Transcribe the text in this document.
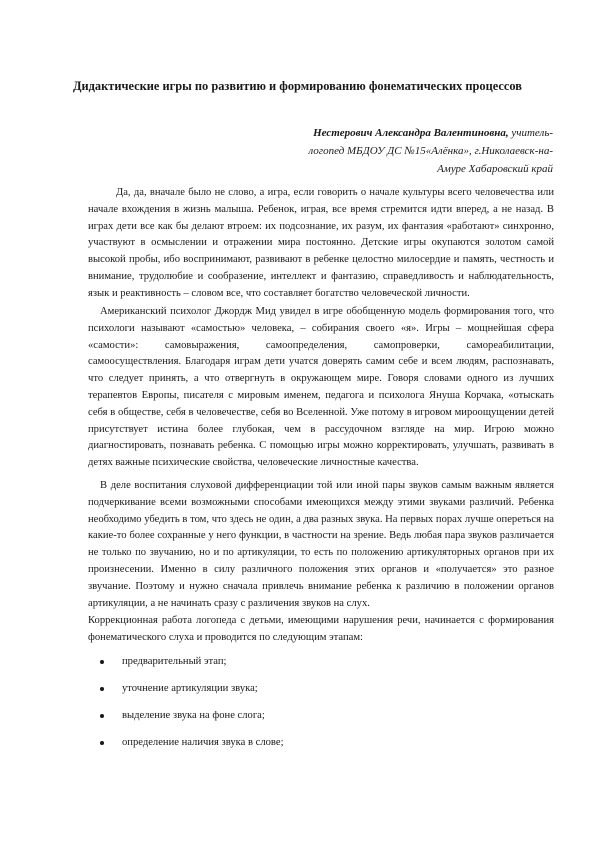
Дидактические игры по развитию и формированию фонематических процессов
Нестерович Александра Валентиновна, учитель-
логопед МБДОУ ДС №15«Алёнка», г.Николаевск-на-
Амуре Хабаровский край

Да, да, вначале было не слово, а игра, если говорить о начале культуры всего человечества или начале вхождения в жизнь малыша. Ребенок, играя, все время стремится идти вперед, а не назад. В играх дети все как бы делают втроем: их подсознание, их разум, их фантазия «работают» синхронно, участвуют в осмыслении и отражении мира постоянно. Детские игры окупаются золотом самой высокой пробы, ибо воспринимают, развивают в ребенке целостно милосердие и память, честность и внимание, трудолюбие и сообразение, интеллект и фантазию, справедливость и наблюдательность, язык и реактивность – словом все, что составляет богатство человеческой личности.

Американский психолог Джордж Мид увидел в игре обобщенную модель формирования того, что психологи называют «самостью» человека, – собирания своего «я». Игры – мощнейшая сфера «самости»: самовыражения, самоопределения, самопроверки, самореабилитации, самоосуществления. Благодаря играм дети учатся доверять самим себе и всем людям, распознавать, что следует принять, а что отвергнуть в окружающем мире. Говоря словами одного из лучших терапевтов Европы, писателя с мировым именем, педагога и психолога Януша Корчака, «отыскать себя в обществе, себя в человечестве, себя во Вселенной. Уже потому в игровом мироощущении детей присутствует истина более глубокая, чем в рассудочном взгляде на мир. Игрою можно диагностировать, познавать ребенка. С помощью игры можно корректировать, улучшать, развивать в детях важные психические свойства, человеческие личностные качества.

В деле воспитания слуховой дифференциации той или иной пары звуков самым важным является подчеркивание всеми возможными способами имеющихся между этими звуками различий. Ребенка необходимо убедить в том, что здесь не один, а два разных звука. На первых порах лучше опереться на какие-то более сохранные у него функции, в частности на зрение. Ведь любая пара звуков различается не только по звучанию, но и по артикуляции, то есть по положению артикуляторных органов при их произнесении. Именно в силу различного положения этих органов и «получается» это разное звучание. Поэтому и нужно сначала привлечь внимание ребенка к различию в положении органов артикуляции, а не начинать сразу с различения звуков на слух.

Коррекционная работа логопеда с детьми, имеющими нарушения речи, начинается с формирования фонематического слуха и проводится по следующим этапам:

предварительный этап;
уточнение артикуляции звука;
выделение звука на фоне слога;
определение наличия звука в слове;
